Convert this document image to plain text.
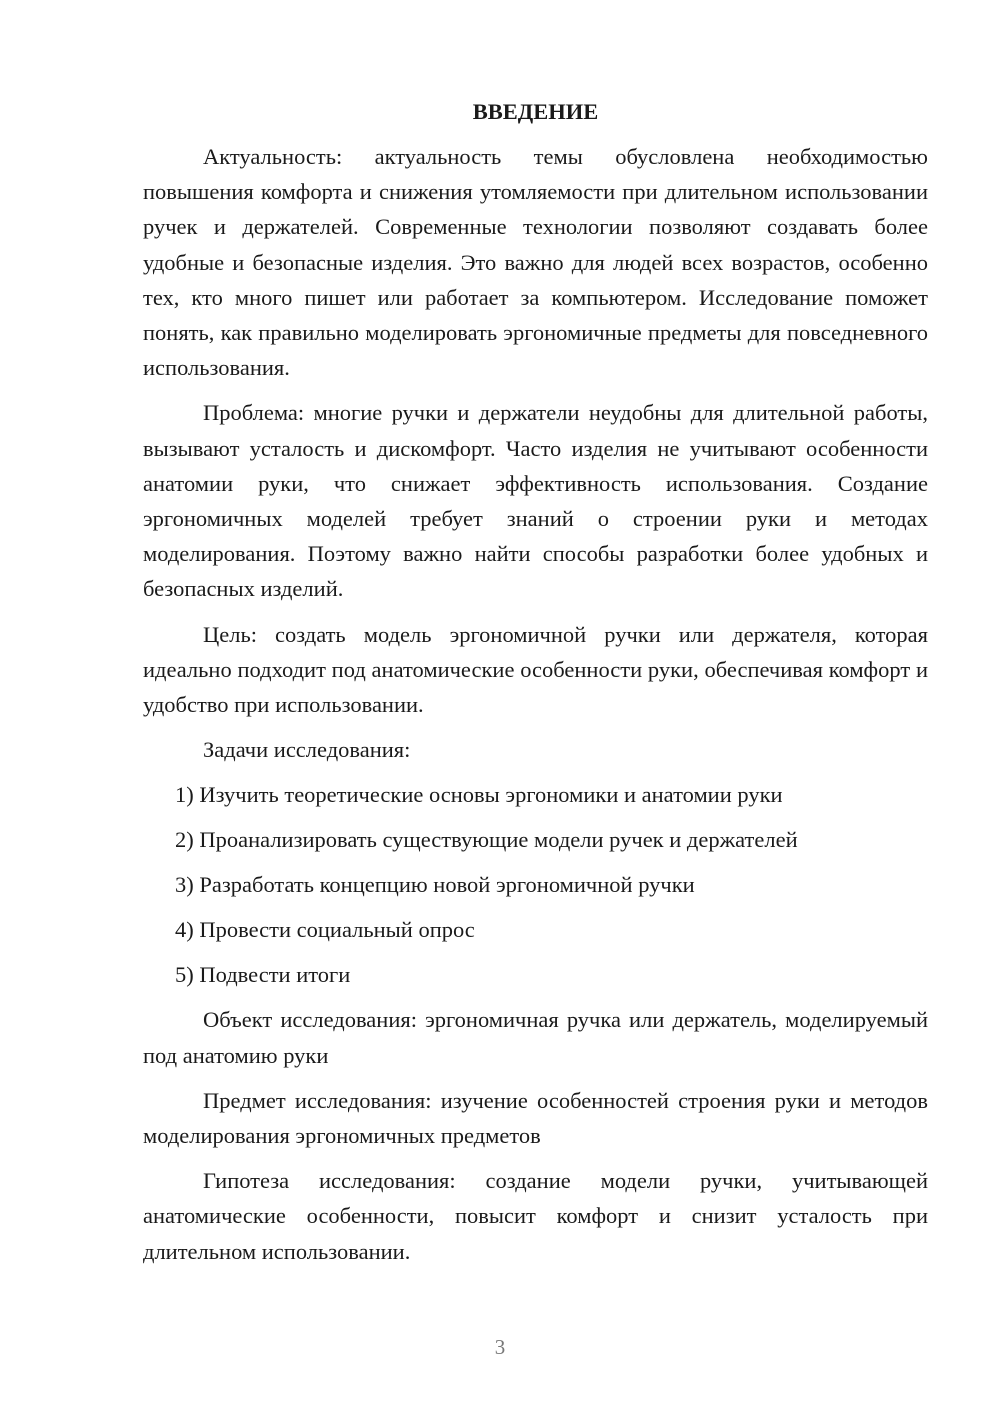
ВВЕДЕНИЕ

Актуальность: актуальность темы обусловлена необходимостью повышения комфорта и снижения утомляемости при длительном использовании ручек и держателей. Современные технологии позволяют создавать более удобные и безопасные изделия. Это важно для людей всех возрастов, особенно тех, кто много пишет или работает за компьютером. Исследование поможет понять, как правильно моделировать эргономичные предметы для повседневного использования.

Проблема: многие ручки и держатели неудобны для длительной работы, вызывают усталость и дискомфорт. Часто изделия не учитывают особенности анатомии руки, что снижает эффективность использования. Создание эргономичных моделей требует знаний о строении руки и методах моделирования. Поэтому важно найти способы разработки более удобных и безопасных изделий.

Цель: создать модель эргономичной ручки или держателя, которая идеально подходит под анатомические особенности руки, обеспечивая комфорт и удобство при использовании.

Задачи исследования:

1) Изучить теоретические основы эргономики и анатомии руки
2) Проанализировать существующие модели ручек и держателей
3) Разработать концепцию новой эргономичной ручки
4) Провести социальный опрос
5) Подвести итоги

Объект исследования: эргономичная ручка или держатель, моделируемый под анатомию руки

Предмет исследования: изучение особенностей строения руки и методов моделирования эргономичных предметов

Гипотеза исследования: создание модели ручки, учитывающей анатомические особенности, повысит комфорт и снизит усталость при длительном использовании.

3
